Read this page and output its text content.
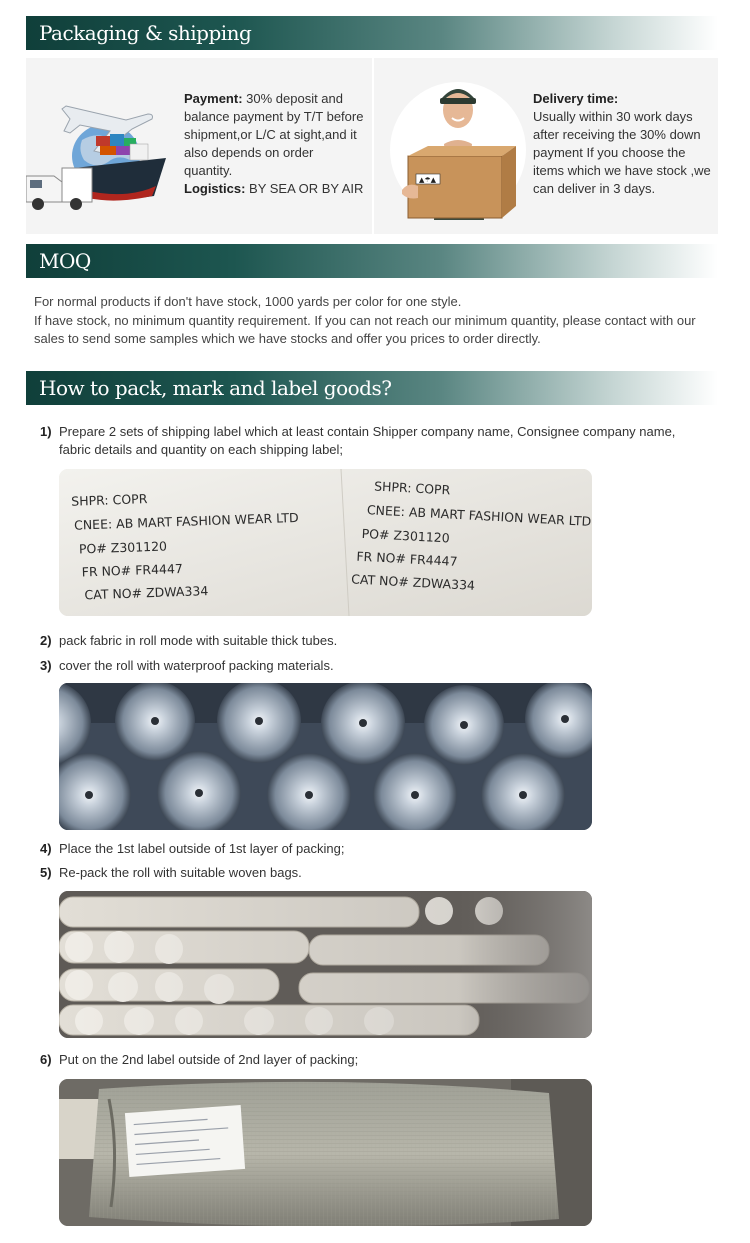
Packaging & shipping
Payment: 30% deposit and balance payment by T/T before shipment,or L/C at sight,and it also depends on order quantity.
Logistics: BY SEA OR BY AIR
▲☂▲
Delivery time:
Usually within 30 work days after receiving the 30% down payment If you choose the items which we have stock ,we can deliver in 3 days.
MOQ
For normal products if don't have stock, 1000 yards per color for one style.
If have stock, no minimum quantity requirement. If you can not reach our minimum quantity, please contact with our sales to send some samples which we have stocks and offer you prices to order directly.
How to pack, mark and label goods?
1) Prepare 2 sets of shipping label which at least contain Shipper company name, Consignee company name, fabric details and quantity on each shipping label;
SHPR: COPR
CNEE: AB MART FASHION WEAR LTD
PO# Z301120
FR NO# FR4447
CAT NO# ZDWA334
SHPR: COPR
CNEE: AB MART FASHION WEAR LTD
PO# Z301120
FR NO# FR4447
CAT NO# ZDWA334
2) pack fabric in roll mode with suitable thick tubes.
3) cover the roll with waterproof packing materials.
4) Place the 1st label outside of 1st layer of packing;
5) Re-pack the roll with suitable woven bags.
6) Put on the 2nd label outside of 2nd layer of packing;
